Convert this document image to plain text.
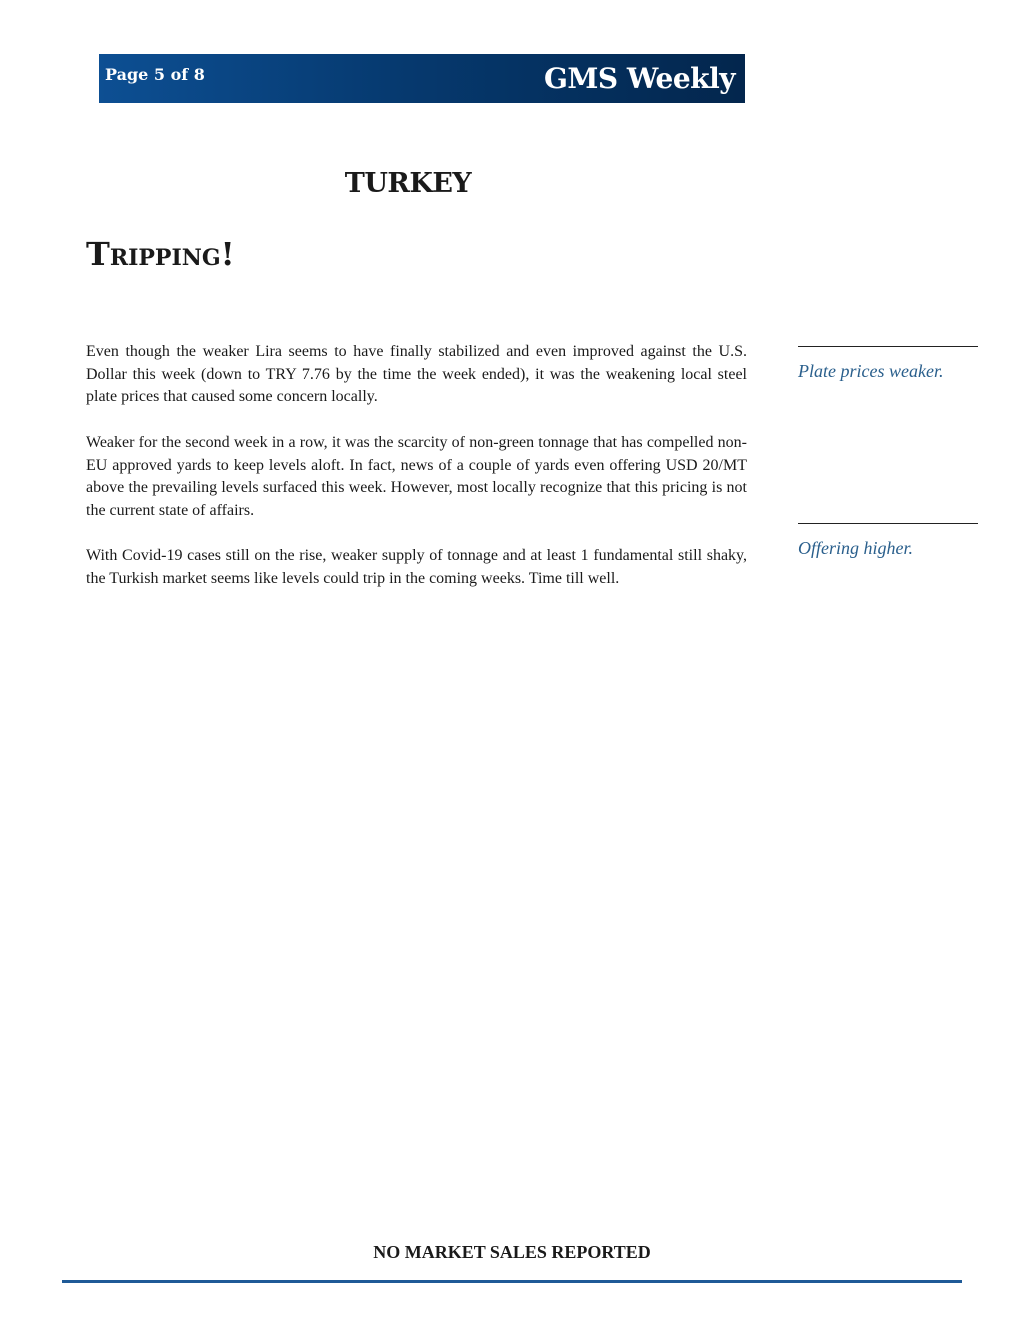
Page 5 of 8	GMS Weekly
TURKEY
Tripping!

Even though the weaker Lira seems to have finally stabilized and even improved against the U.S. Dollar this week (down to TRY 7.76 by the time the week ended), it was the weakening local steel plate prices that caused some concern locally.

Weaker for the second week in a row, it was the scarcity of non-green tonnage that has compelled non-EU approved yards to keep levels aloft. In fact, news of a couple of yards even offering USD 20/MT above the prevailing levels surfaced this week. However, most locally recognize that this pricing is not the current state of affairs.

With Covid-19 cases still on the rise, weaker supply of tonnage and at least 1 fundamental still shaky, the Turkish market seems like levels could trip in the coming weeks. Time till well.

Plate prices weaker.
Offering higher.
NO MARKET SALES REPORTED
